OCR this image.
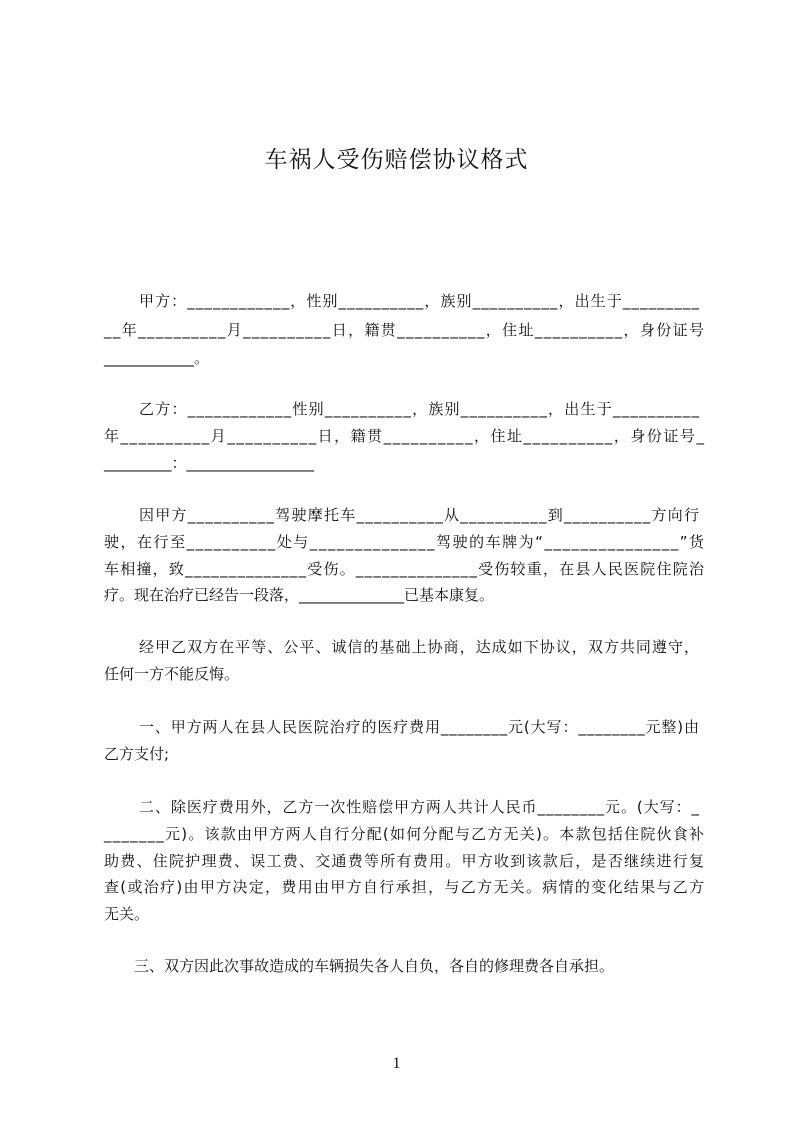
车祸人受伤赔偿协议格式
甲方：____________，性别__________，族别__________，出生于_________
__年__________月__________日，籍贯__________，住址__________，身份证号
____________。
乙方：____________性别__________，族别__________，出生于__________
年__________月__________日，籍贯__________，住址__________，身份证号_
_________：_________________
因甲方__________驾驶摩托车__________从__________到__________方向行
驶，在行至__________处与______________驾驶的车牌为“_______________”货
车相撞，致______________受伤。______________受伤较重，在县人民医院住院治
疗。现在治疗已经告一段落，______________已基本康复。
经甲乙双方在平等、公平、诚信的基础上协商，达成如下协议，双方共同遵守，
任何一方不能反悔。
一、甲方两人在县人民医院治疗的医疗费用________元(大写：________元整)由
乙方支付;
二、除医疗费用外，乙方一次性赔偿甲方两人共计人民币________元。(大写：_
_______元)。该款由甲方两人自行分配(如何分配与乙方无关)。本款包括住院伙食补
助费、住院护理费、误工费、交通费等所有费用。甲方收到该款后，是否继续进行复
查(或治疗)由甲方决定，费用由甲方自行承担，与乙方无关。病情的变化结果与乙方
无关。
三、双方因此次事故造成的车辆损失各人自负，各自的修理费各自承担。
1
